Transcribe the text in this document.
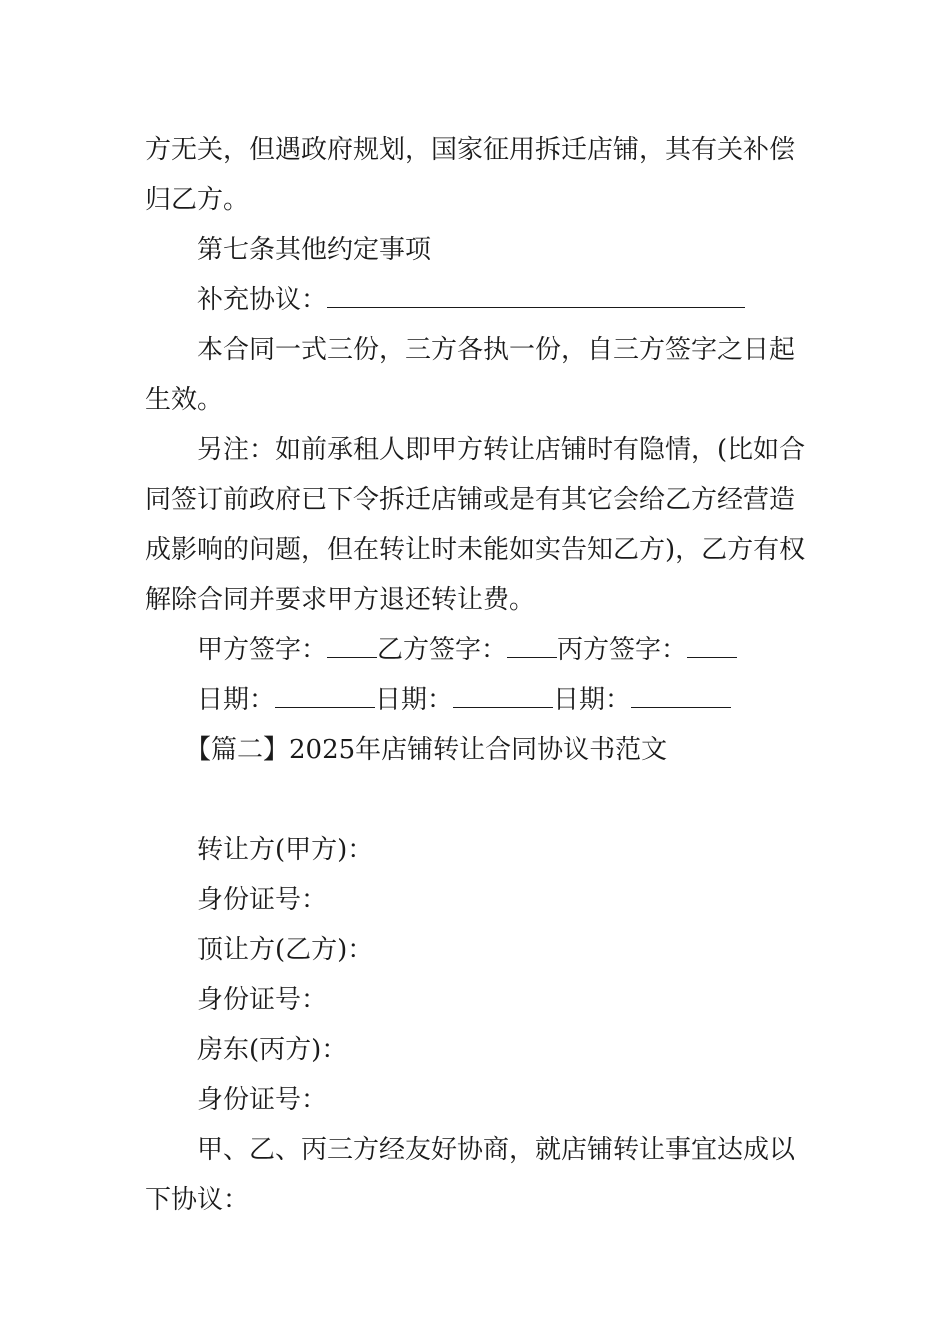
方无关，但遇政府规划，国家征用拆迁店铺，其有关补偿归乙方。

第七条其他约定事项

补充协议：

本合同一式三份，三方各执一份，自三方签字之日起生效。

另注：如前承租人即甲方转让店铺时有隐情，(比如合同签订前政府已下令拆迁店铺或是有其它会给乙方经营造成影响的问题，但在转让时未能如实告知乙方)，乙方有权解除合同并要求甲方退还转让费。

甲方签字： 乙方签字： 丙方签字：

日期：	日期：	日期：

【篇二】2025年店铺转让合同协议书范文

转让方(甲方)：

身份证号：

顶让方(乙方)：

身份证号：

房东(丙方)：

身份证号：

甲、乙、丙三方经友好协商，就店铺转让事宜达成以下协议：
